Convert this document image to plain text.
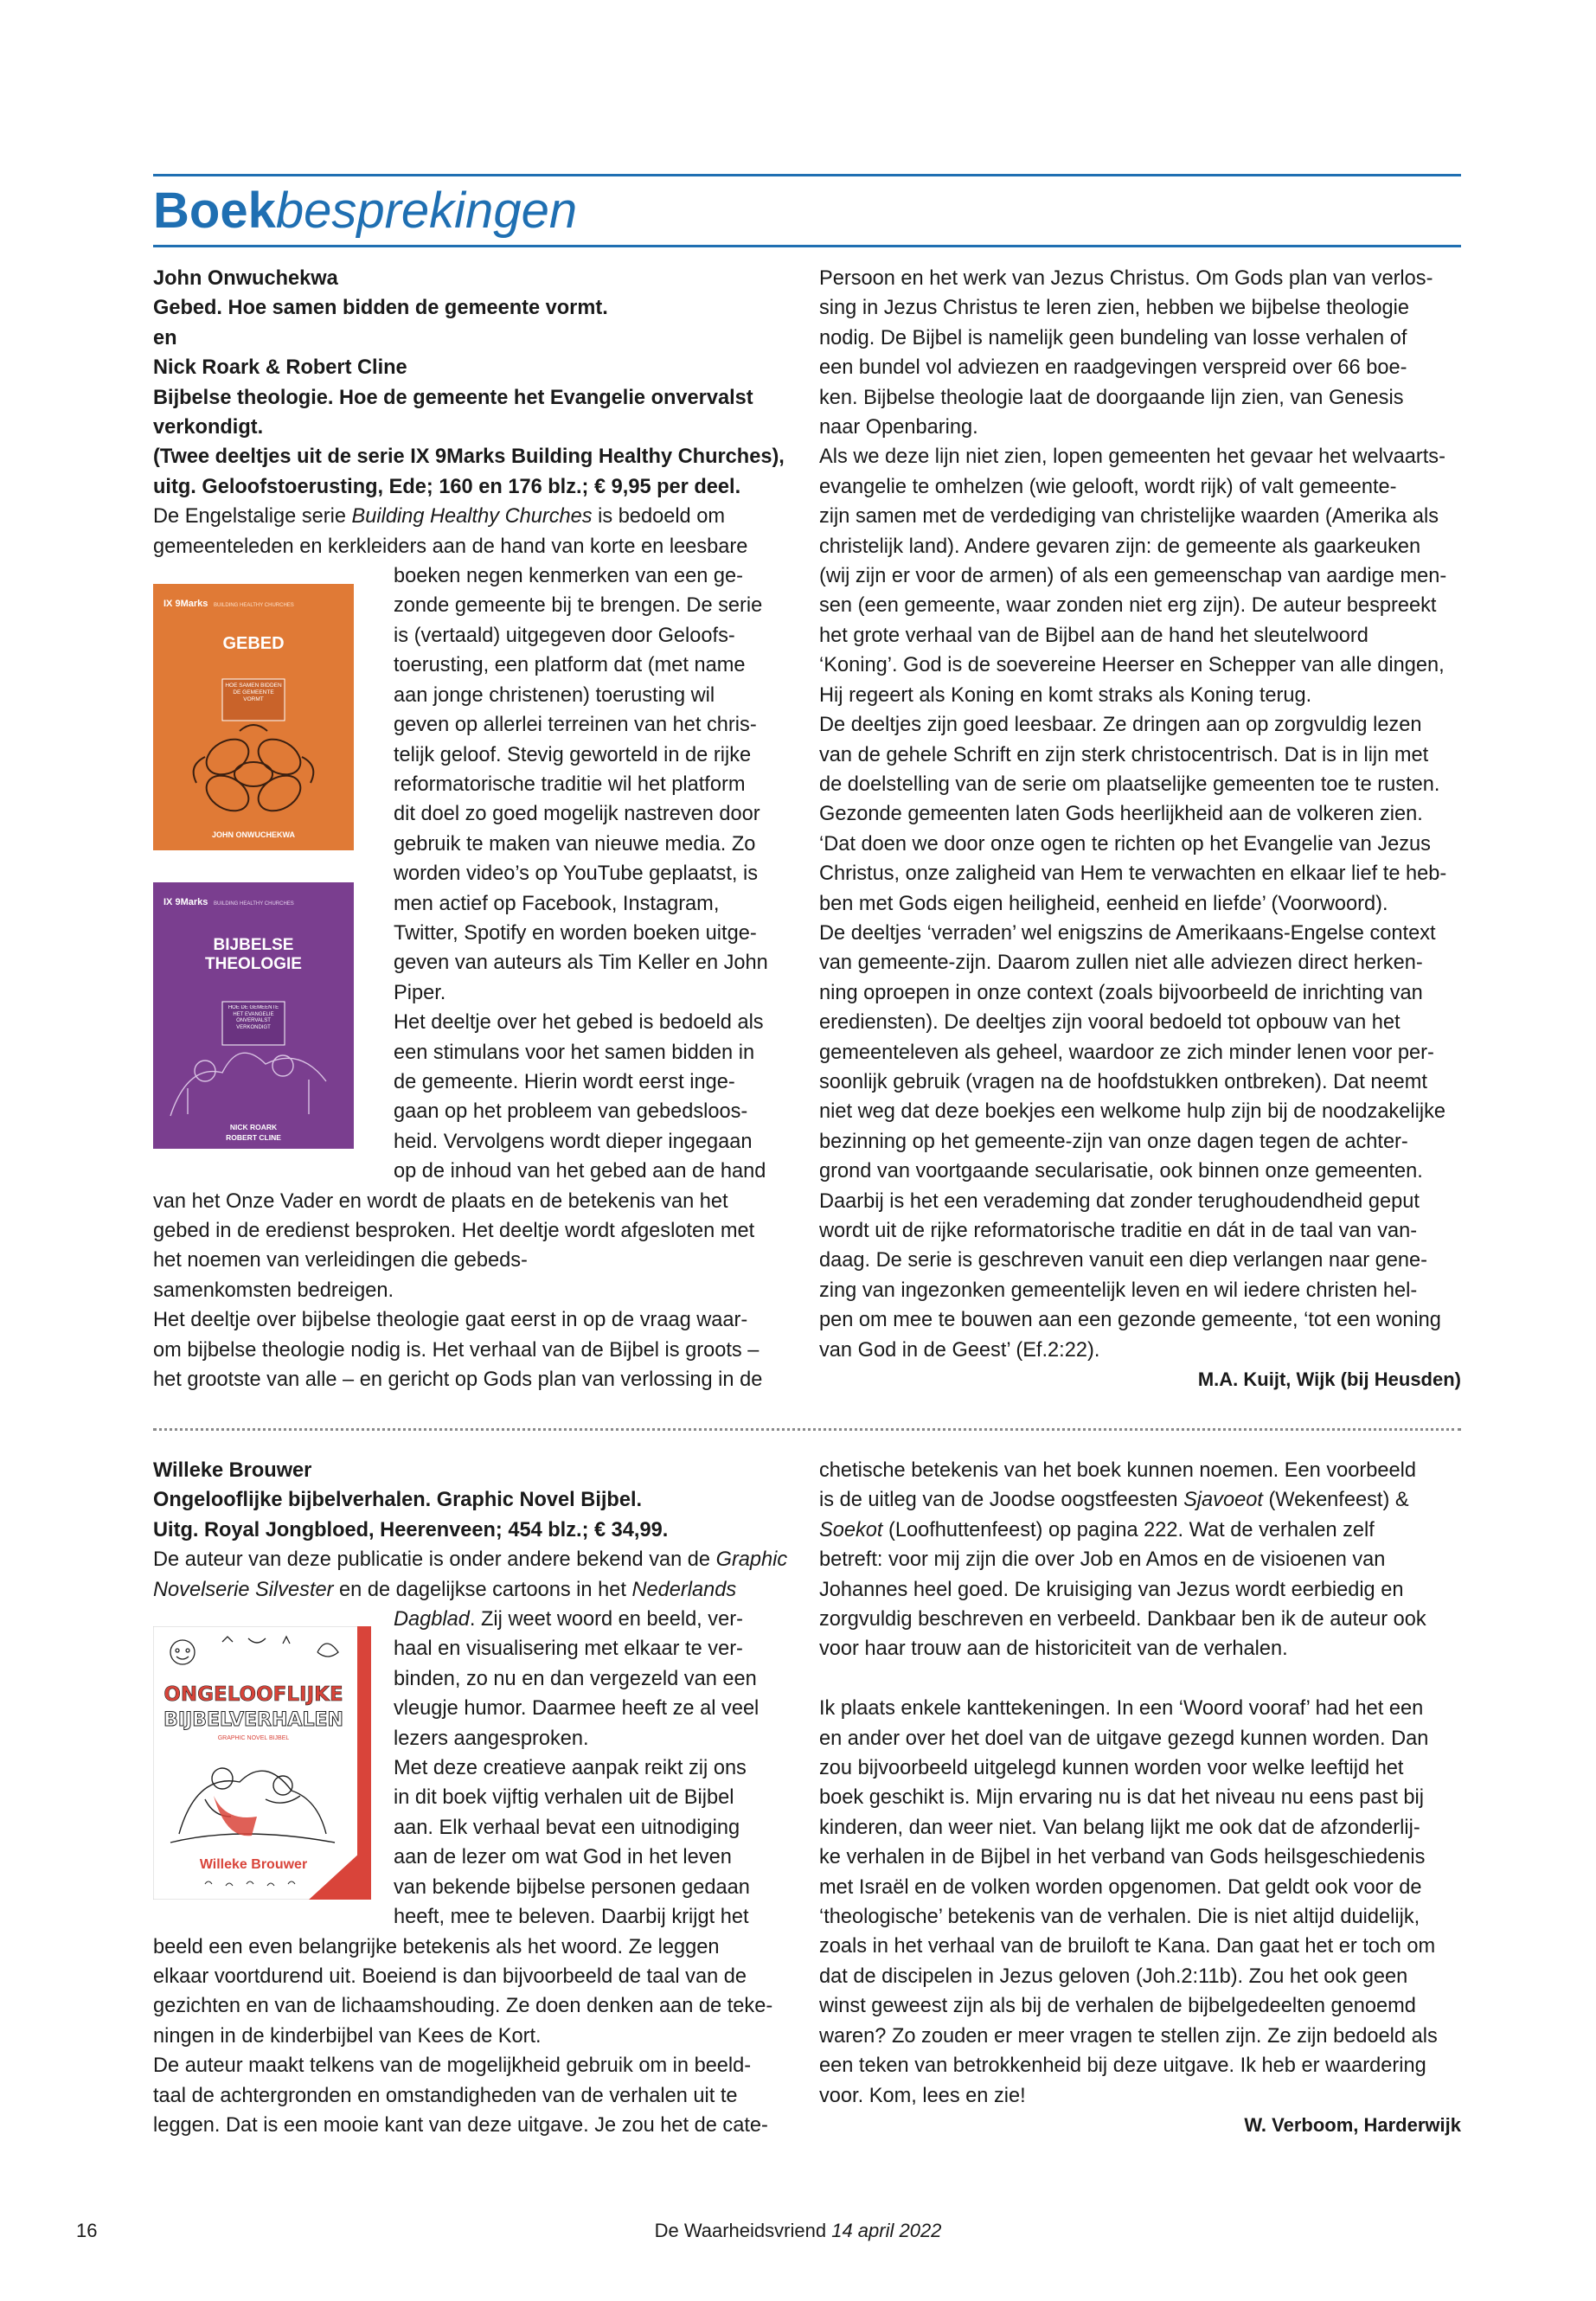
Boekbesprekingen

John Onwuchekwa

Gebed. Hoe samen bidden de gemeente vormt.

en

Nick Roark & Robert Cline

Bijbelse theologie. Hoe de gemeente het Evangelie onvervalst

verkondigt.

(Twee deeltjes uit de serie IX 9Marks Building Healthy Churches),

uitg. Geloofstoerusting, Ede; 160 en 176 blz.; € 9,95 per deel.

De Engelstalige serie Building Healthy Churches is bedoeld om

gemeenteleden en kerkleiders aan de hand van korte en leesbare

boeken negen kenmerken van een ge-

zonde gemeente bij te brengen. De serie

is (vertaald) uitgegeven door Geloofs-

toerusting, een platform dat (met name

aan jonge christenen) toerusting wil

geven op allerlei terreinen van het chris-

telijk geloof. Stevig geworteld in de rijke

reformatorische traditie wil het platform

dit doel zo goed mogelijk nastreven door

gebruik te maken van nieuwe media. Zo

worden video’s op YouTube geplaatst, is

men actief op Facebook, Instagram,

Twitter, Spotify en worden boeken uitge-

geven van auteurs als Tim Keller en John

Piper.

Het deeltje over het gebed is bedoeld als

een stimulans voor het samen bidden in

de gemeente. Hierin wordt eerst inge-

gaan op het probleem van gebedsloos-

heid. Vervolgens wordt dieper ingegaan

op de inhoud van het gebed aan de hand

van het Onze Vader en wordt de plaats en de betekenis van het

gebed in de eredienst besproken. Het deeltje wordt afgesloten met

het noemen van verleidingen die gebeds-

samenkomsten bedreigen.

Het deeltje over bijbelse theologie gaat eerst in op de vraag waar-

om bijbelse theologie nodig is. Het verhaal van de Bijbel is groots –

het grootste van alle – en gericht op Gods plan van verlossing in de

IX 9Marks BUILDING HEALTHY CHURCHES
GEBED
HOE SAMEN BIDDEN DE GEMEENTE VORMT
JOHN ONWUCHEKWA
IX 9Marks BUILDING HEALTHY CHURCHES
BIJBELSE
THEOLOGIE
HOE DE GEMEENTE HET EVANGELIE ONVERVALST VERKONDIGT
NICK ROARK
ROBERT CLINE

Persoon en het werk van Jezus Christus. Om Gods plan van verlos-

sing in Jezus Christus te leren zien, hebben we bijbelse theologie

nodig. De Bijbel is namelijk geen bundeling van losse verhalen of

een bundel vol adviezen en raadgevingen verspreid over 66 boe-

ken. Bijbelse theologie laat de doorgaande lijn zien, van Genesis

naar Openbaring.

Als we deze lijn niet zien, lopen gemeenten het gevaar het welvaarts-

evangelie te omhelzen (wie gelooft, wordt rijk) of valt gemeente-

zijn samen met de verdediging van christelijke waarden (Amerika als

christelijk land). Andere gevaren zijn: de gemeente als gaarkeuken

(wij zijn er voor de armen) of als een gemeenschap van aardige men-

sen (een gemeente, waar zonden niet erg zijn). De auteur bespreekt

het grote verhaal van de Bijbel aan de hand het sleutelwoord

‘Koning’. God is de soevereine Heerser en Schepper van alle dingen,

Hij regeert als Koning en komt straks als Koning terug.

De deeltjes zijn goed leesbaar. Ze dringen aan op zorgvuldig lezen

van de gehele Schrift en zijn sterk christocentrisch. Dat is in lijn met

de doelstelling van de serie om plaatselijke gemeenten toe te rusten.

Gezonde gemeenten laten Gods heerlijkheid aan de volkeren zien.

‘Dat doen we door onze ogen te richten op het Evangelie van Jezus

Christus, onze zaligheid van Hem te verwachten en elkaar lief te heb-

ben met Gods eigen heiligheid, eenheid en liefde’ (Voorwoord).

De deeltjes ‘verraden’ wel enigszins de Amerikaans-Engelse context

van gemeente-zijn. Daarom zullen niet alle adviezen direct herken-

ning oproepen in onze context (zoals bijvoorbeeld de inrichting van

erediensten). De deeltjes zijn vooral bedoeld tot opbouw van het

gemeenteleven als geheel, waardoor ze zich minder lenen voor per-

soonlijk gebruik (vragen na de hoofdstukken ontbreken). Dat neemt

niet weg dat deze boekjes een welkome hulp zijn bij de noodzakelijke

bezinning op het gemeente-zijn van onze dagen tegen de achter-

grond van voortgaande secularisatie, ook binnen onze gemeenten.

Daarbij is het een verademing dat zonder terughoudendheid geput

wordt uit de rijke reformatorische traditie en dát in de taal van van-

daag. De serie is geschreven vanuit een diep verlangen naar gene-

zing van ingezonken gemeentelijk leven en wil iedere christen hel-

pen om mee te bouwen aan een gezonde gemeente, ‘tot een woning

van God in de Geest’ (Ef.2:22).

M.A. Kuijt, Wijk (bij Heusden)

Willeke Brouwer

Ongelooflijke bijbelverhalen. Graphic Novel Bijbel.

Uitg. Royal Jongbloed, Heerenveen; 454 blz.; € 34,99.

De auteur van deze publicatie is onder andere bekend van de Graphic

Novelserie Silvester en de dagelijkse cartoons in het Nederlands

Dagblad. Zij weet woord en beeld, ver-

haal en visualisering met elkaar te ver-

binden, zo nu en dan vergezeld van een

vleugje humor. Daarmee heeft ze al veel

lezers aangesproken.

Met deze creatieve aanpak reikt zij ons

in dit boek vijftig verhalen uit de Bijbel

aan. Elk verhaal bevat een uitnodiging

aan de lezer om wat God in het leven

van bekende bijbelse personen gedaan

heeft, mee te beleven. Daarbij krijgt het

beeld een even belangrijke betekenis als het woord. Ze leggen

elkaar voortdurend uit. Boeiend is dan bijvoorbeeld de taal van de

gezichten en van de lichaamshouding. Ze doen denken aan de teke-

ningen in de kinderbijbel van Kees de Kort.

De auteur maakt telkens van de mogelijkheid gebruik om in beeld-

taal de achtergronden en omstandigheden van de verhalen uit te

leggen. Dat is een mooie kant van deze uitgave. Je zou het de cate-

ONGELOOFLIJKE
BIJBELVERHALEN
GRAPHIC NOVEL BIJBEL
Willeke Brouwer

chetische betekenis van het boek kunnen noemen. Een voorbeeld

is de uitleg van de Joodse oogstfeesten Sjavoeot (Wekenfeest) &

Soekot (Loofhuttenfeest) op pagina 222. Wat de verhalen zelf

betreft: voor mij zijn die over Job en Amos en de visioenen van

Johannes heel goed. De kruisiging van Jezus wordt eerbiedig en

zorgvuldig beschreven en verbeeld. Dankbaar ben ik de auteur ook

voor haar trouw aan de historiciteit van de verhalen.

Ik plaats enkele kanttekeningen. In een ‘Woord vooraf’ had het een

en ander over het doel van de uitgave gezegd kunnen worden. Dan

zou bijvoorbeeld uitgelegd kunnen worden voor welke leeftijd het

boek geschikt is. Mijn ervaring nu is dat het niveau nu eens past bij

kinderen, dan weer niet. Van belang lijkt me ook dat de afzonderlij-

ke verhalen in de Bijbel in het verband van Gods heilsgeschiedenis

met Israël en de volken worden opgenomen. Dat geldt ook voor de

‘theologische’ betekenis van de verhalen. Die is niet altijd duidelijk,

zoals in het verhaal van de bruiloft te Kana. Dan gaat het er toch om

dat de discipelen in Jezus geloven (Joh.2:11b). Zou het ook geen

winst geweest zijn als bij de verhalen de bijbelgedeelten genoemd

waren? Zo zouden er meer vragen te stellen zijn. Ze zijn bedoeld als

een teken van betrokkenheid bij deze uitgave. Ik heb er waardering

voor. Kom, lees en zie!

W. Verboom, Harderwijk

16	De Waarheidsvriend 14 april 2022
